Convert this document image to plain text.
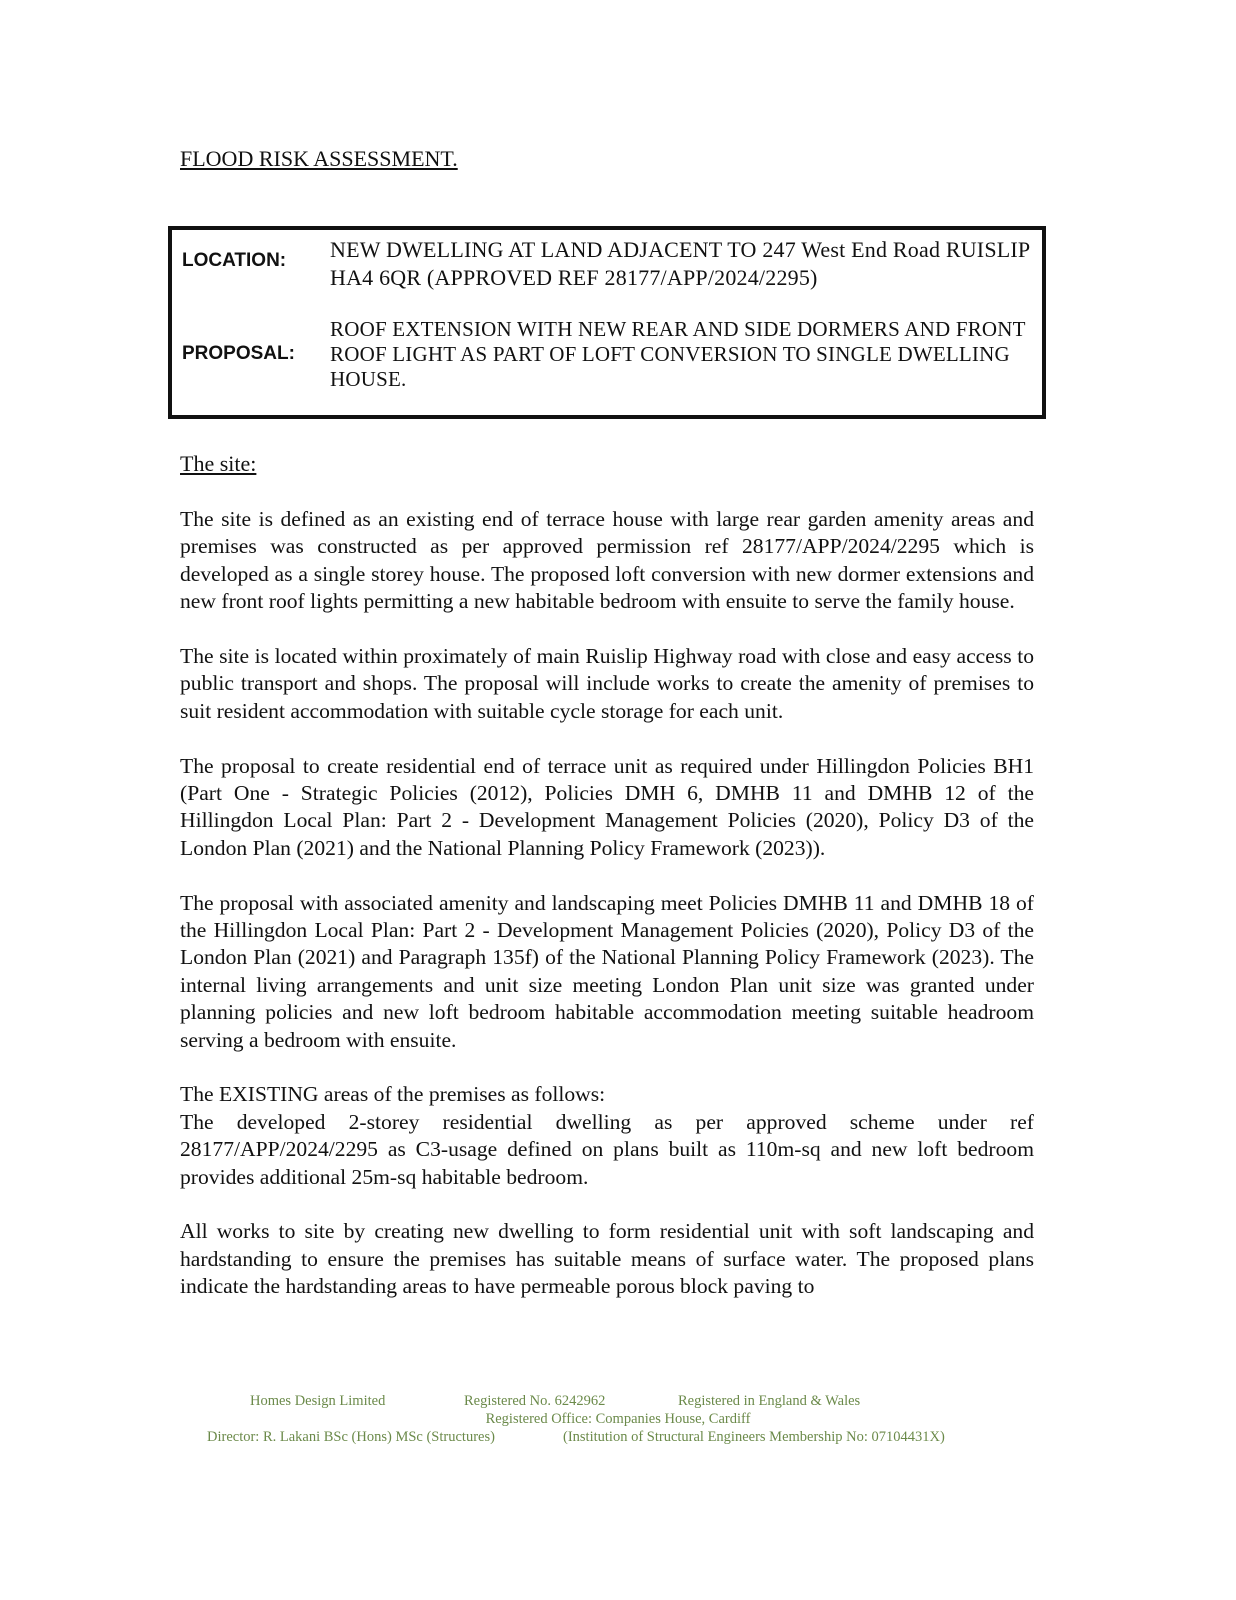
FLOOD RISK ASSESSMENT.
LOCATION: NEW DWELLING AT LAND ADJACENT TO 247 West End Road RUISLIP HA4 6QR (APPROVED REF 28177/APP/2024/2295)
PROPOSAL:
ROOF EXTENSION WITH NEW REAR AND SIDE DORMERS AND FRONT ROOF LIGHT AS PART OF LOFT CONVERSION TO SINGLE DWELLING HOUSE.
The site:

The site is defined as an existing end of terrace house with large rear garden amenity areas and premises was constructed as per approved permission ref 28177/APP/2024/2295 which is developed as a single storey house. The proposed loft conversion with new dormer extensions and new front roof lights permitting a new habitable bedroom with ensuite to serve the family house.

The site is located within proximately of main Ruislip Highway road with close and easy access to public transport and shops. The proposal will include works to create the amenity of premises to suit resident accommodation with suitable cycle storage for each unit.

The proposal to create residential end of terrace unit as required under Hillingdon Policies BH1 (Part One - Strategic Policies (2012), Policies DMH 6, DMHB 11 and DMHB 12 of the Hillingdon Local Plan: Part 2 - Development Management Policies (2020), Policy D3 of the London Plan (2021) and the National Planning Policy Framework (2023)).

The proposal with associated amenity and landscaping meet Policies DMHB 11 and DMHB 18 of the Hillingdon Local Plan: Part 2 - Development Management Policies (2020), Policy D3 of the London Plan (2021) and Paragraph 135f) of the National Planning Policy Framework (2023). The internal living arrangements and unit size meeting London Plan unit size was granted under planning policies and new loft bedroom habitable accommodation meeting suitable headroom serving a bedroom with ensuite.

The EXISTING areas of the premises as follows:

The developed 2-storey residential dwelling as per approved scheme under ref 28177/APP/2024/2295 as C3-usage defined on plans built as 110m-sq and new loft bedroom provides additional 25m-sq habitable bedroom.

All works to site by creating new dwelling to form residential unit with soft landscaping and hardstanding to ensure the premises has suitable means of surface water. The proposed plans indicate the hardstanding areas to have permeable porous block paving to

Homes Design Limited	Registered No. 6242962	Registered in England & Wales
Registered Office: Companies House, Cardiff
Director: R. Lakani BSc (Hons) MSc (Structures)	(Institution of Structural Engineers Membership No: 07104431X)
